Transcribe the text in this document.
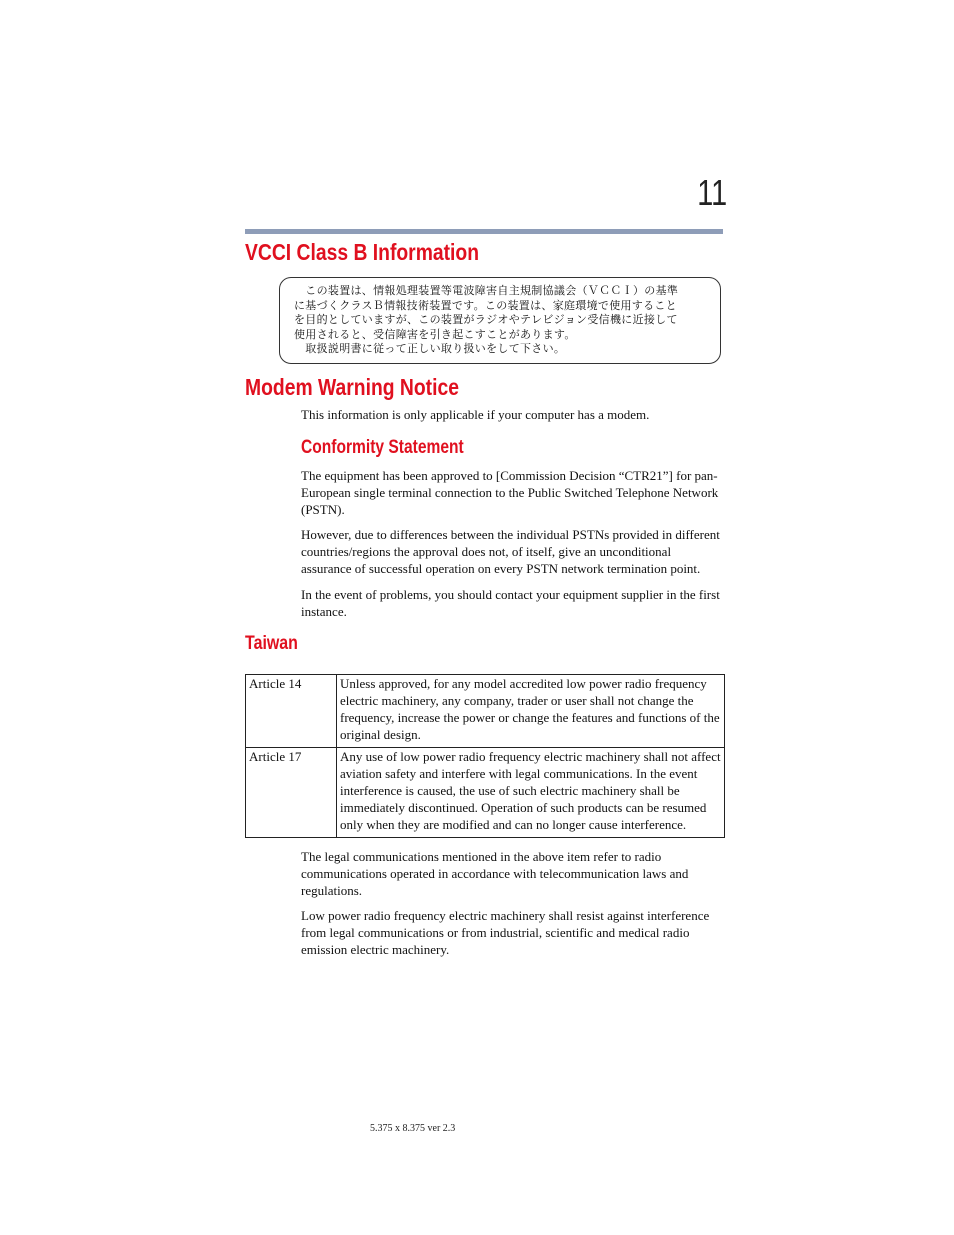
11
VCCI Class B Information
　この装置は、情報処理装置等電波障害自主規制協議会（ＶＣＣＩ）の基準
に基づくクラスＢ情報技術装置です。この装置は、家庭環境で使用すること
を目的としていますが、この装置がラジオやテレビジョン受信機に近接して
使用されると、受信障害を引き起こすことがあります。
　取扱説明書に従って正しい取り扱いをして下さい。
Modem Warning Notice

This information is only applicable if your computer has a modem.

Conformity Statement

The equipment has been approved to [Commission Decision “CTR21”] for pan-European single terminal connection to the Public Switched Telephone Network (PSTN).

However, due to differences between the individual PSTNs provided in different countries/regions the approval does not, of itself, give an unconditional assurance of successful operation on every PSTN network termination point.

In the event of problems, you should contact your equipment supplier in the first instance.

Taiwan
Article 14	Unless approved, for any model accredited low power radio frequency electric machinery, any company, trader or user shall not change the frequency, increase the power or change the features and functions of the original design.
Article 17	Any use of low power radio frequency electric machinery shall not affect aviation safety and interfere with legal communications. In the event interference is caused, the use of such electric machinery shall be immediately discontinued. Operation of such products can be resumed only when they are modified and can no longer cause interference.

The legal communications mentioned in the above item refer to radio communications operated in accordance with telecommunication laws and regulations.

Low power radio frequency electric machinery shall resist against interference from legal communications or from industrial, scientific and medical radio emission electric machinery.

5.375 x 8.375 ver 2.3
